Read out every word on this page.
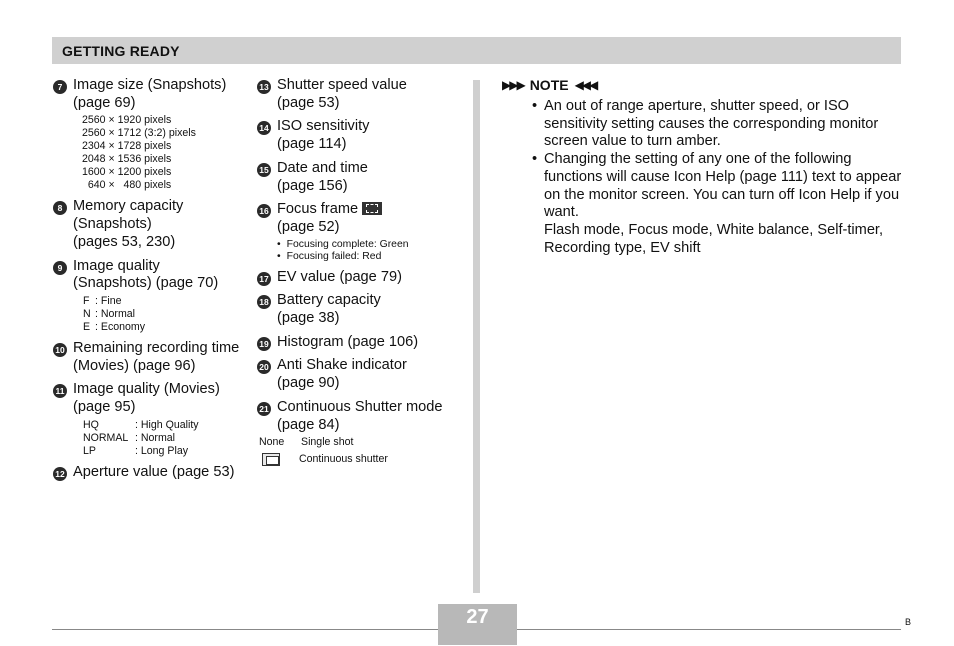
GETTING READY
7 Image size (Snapshots)
(page 69)
2560 × 1920 pixels
2560 × 1712 (3:2) pixels
2304 × 1728 pixels
2048 × 1536 pixels
1600 × 1200 pixels
640 ×   480 pixels
8 Memory capacity
(Snapshots)
(pages 53, 230)
9 Image quality
(Snapshots) (page 70)
F : Fine
N : Normal
E : Economy
10 Remaining recording time
(Movies) (page 96)
11 Image quality (Movies)
(page 95)
HQ	: High Quality
NORMAL : Normal
LP	: Long Play
12 Aperture value (page 53)
13 Shutter speed value
(page 53)
14 ISO sensitivity
(page 114)
15 Date and time
(page 156)
16 Focus frame
(page 52)
• Focusing complete: Green
• Focusing failed: Red
17 EV value (page 79)
18 Battery capacity
(page 38)
19 Histogram (page 106)
20 Anti Shake indicator
(page 90)
21 Continuous Shutter mode
(page 84)
None	Single shot
Continuous shutter
▶▶▶ NOTE ◀◀◀
• An out of range aperture, shutter speed, or ISO sensitivity setting causes the corresponding monitor screen value to turn amber.
• Changing the setting of any one of the following functions will cause Icon Help (page 111) text to appear on the monitor screen. You can turn off Icon Help if you want.
Flash mode, Focus mode, White balance, Self-timer, Recording type, EV shift
27	B
